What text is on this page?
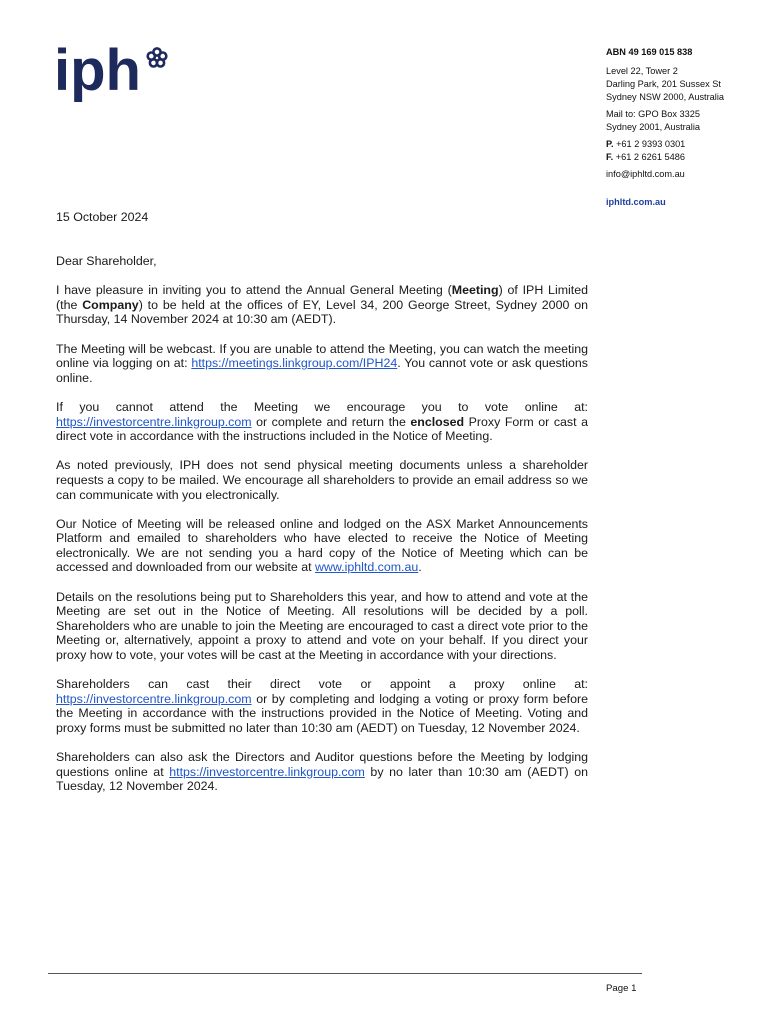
iph	ABN 49 169 015 838
Level 22, Tower 2
Darling Park, 201 Sussex St
Sydney NSW 2000, Australia
Mail to: GPO Box 3325
Sydney 2001, Australia
P. +61 2 9393 0301
F. +61 2 6261 5486
info@iphltd.com.au
iphltd.com.au
15 October 2024

Dear Shareholder,

I have pleasure in inviting you to attend the Annual General Meeting (Meeting) of IPH Limited (the Company) to be held at the offices of EY, Level 34, 200 George Street, Sydney 2000 on Thursday, 14 November 2024 at 10:30 am (AEDT).

The Meeting will be webcast. If you are unable to attend the Meeting, you can watch the meeting online via logging on at: https://meetings.linkgroup.com/IPH24. You cannot vote or ask questions online.

If you cannot attend the Meeting we encourage you to vote online at: https://investorcentre.linkgroup.com or complete and return the enclosed Proxy Form or cast a direct vote in accordance with the instructions included in the Notice of Meeting.

As noted previously, IPH does not send physical meeting documents unless a shareholder requests a copy to be mailed. We encourage all shareholders to provide an email address so we can communicate with you electronically.

Our Notice of Meeting will be released online and lodged on the ASX Market Announcements Platform and emailed to shareholders who have elected to receive the Notice of Meeting electronically. We are not sending you a hard copy of the Notice of Meeting which can be accessed and downloaded from our website at www.iphltd.com.au.

Details on the resolutions being put to Shareholders this year, and how to attend and vote at the Meeting are set out in the Notice of Meeting. All resolutions will be decided by a poll. Shareholders who are unable to join the Meeting are encouraged to cast a direct vote prior to the Meeting or, alternatively, appoint a proxy to attend and vote on your behalf. If you direct your proxy how to vote, your votes will be cast at the Meeting in accordance with your directions.

Shareholders can cast their direct vote or appoint a proxy online at: https://investorcentre.linkgroup.com or by completing and lodging a voting or proxy form before the Meeting in accordance with the instructions provided in the Notice of Meeting. Voting and proxy forms must be submitted no later than 10:30 am (AEDT) on Tuesday, 12 November 2024.

Shareholders can also ask the Directors and Auditor questions before the Meeting by lodging questions online at https://investorcentre.linkgroup.com by no later than 10:30 am (AEDT) on Tuesday, 12 November 2024.

Page 1
